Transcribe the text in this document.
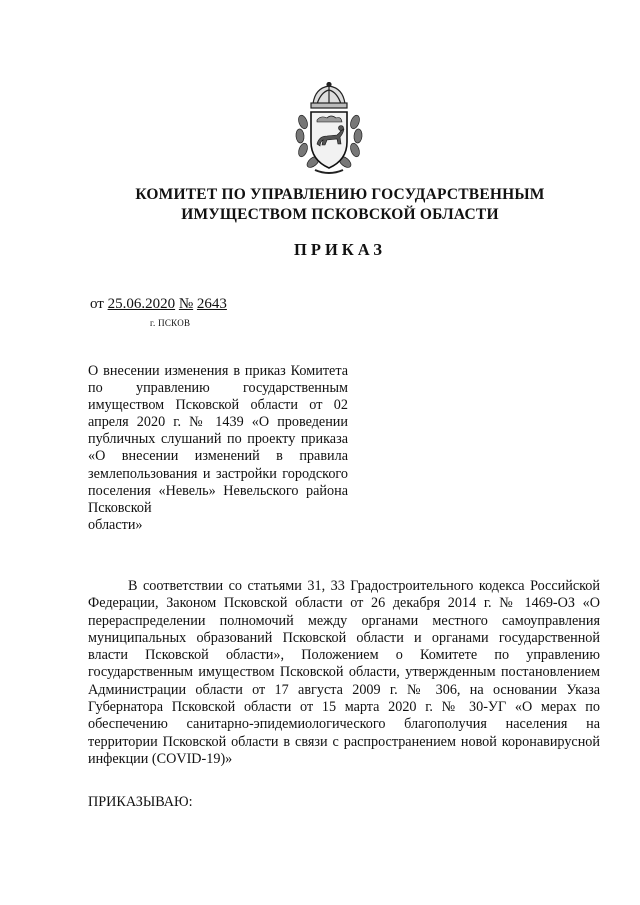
КОМИТЕТ ПО УПРАВЛЕНИЮ ГОСУДАРСТВЕННЫМ
ИМУЩЕСТВОМ ПСКОВСКОЙ ОБЛАСТИ
ПРИКАЗ
от 25.06.2020 № 2643
г. ПСКОВ
О внесении изменения в приказ Комитета по управлению государственным имуществом Псковской области от 02 апреля 2020 г. № 1439 «О проведении публичных слушаний по проекту приказа «О внесении изменений в правила землепользования и застройки городского поселения «Невель» Невельского района Псковской
области»
В соответствии со статьями 31, 33 Градостроительного кодекса Российской Федерации, Законом Псковской области от 26 декабря 2014 г. № 1469-ОЗ «О перераспределении полномочий между органами местного самоуправления муниципальных образований Псковской области и органами государственной власти Псковской области», Положением о Комитете по управлению государственным имуществом Псковской области, утвержденным постановлением Администрации области от 17 августа 2009 г. № 306, на основании Указа Губернатора Псковской области от 15 марта 2020 г. № 30-УГ «О мерах по обеспечению санитарно-эпидемиологического благополучия населения на территории Псковской области в связи с распространением новой коронавирусной инфекции (COVID-19)»
ПРИКАЗЫВАЮ:
